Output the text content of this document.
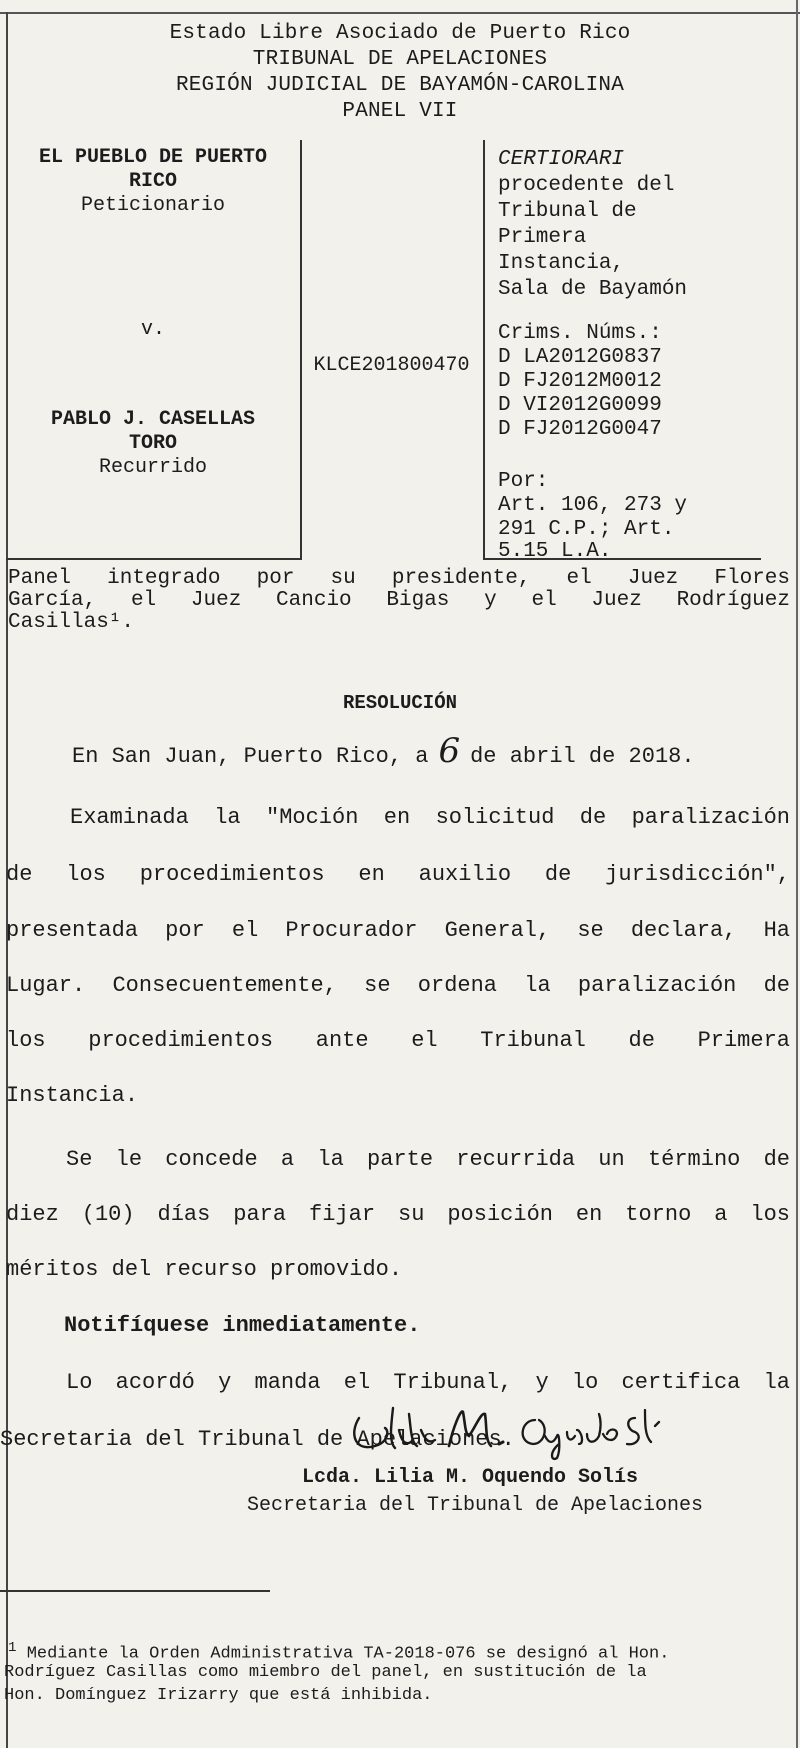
Estado Libre Asociado de Puerto Rico
TRIBUNAL DE APELACIONES
REGIÓN JUDICIAL DE BAYAMÓN-CAROLINA
PANEL VII
EL PUEBLO DE PUERTO
RICO
Peticionario
v.
PABLO J. CASELLAS
TORO
Recurrido
KLCE201800470
CERTIORARI
procedente del
Tribunal de
Primera
Instancia,
Sala de Bayamón
Crims. Núms.:
D LA2012G0837
D FJ2012M0012
D VI2012G0099
D FJ2012G0047
Por:
Art. 106, 273 y
291 C.P.; Art.
5.15 L.A.
Panel integrado por su presidente, el Juez Flores
García, el Juez Cancio Bigas y el Juez Rodríguez
Casillas¹.
RESOLUCIÓN
En San Juan, Puerto Rico, a 6 de abril de 2018.
Examinada la "Moción en solicitud de paralización
de los procedimientos en auxilio de jurisdicción",
presentada por el Procurador General, se declara, Ha
Lugar. Consecuentemente, se ordena la paralización de
los procedimientos ante el Tribunal de Primera
Instancia.
Se le concede a la parte recurrida un término de
diez (10) días para fijar su posición en torno a los
méritos del recurso promovido.
Notifíquese inmediatamente.
Lo acordó y manda el Tribunal, y lo certifica la
Secretaria del Tribunal de Apelaciones.
Lcda. Lilia M. Oquendo Solís
Secretaria del Tribunal de Apelaciones
$^1$ Mediante la Orden Administrativa TA-2018-076 se designó al Hon.
Rodríguez Casillas como miembro del panel, en sustitución de la
Hon. Domínguez Irizarry que está inhibida.
